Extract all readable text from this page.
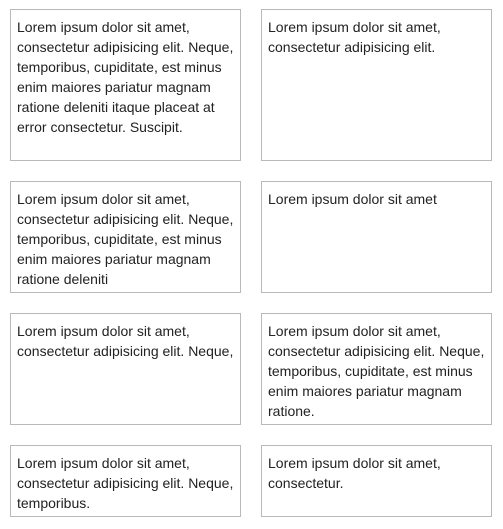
Lorem ipsum dolor sit amet, consectetur adipisicing elit. Neque, temporibus, cupiditate, est minus enim maiores pariatur magnam ratione deleniti itaque placeat at error consectetur. Suscipit.
Lorem ipsum dolor sit amet, consectetur adipisicing elit.
Lorem ipsum dolor sit amet, consectetur adipisicing elit. Neque, temporibus, cupiditate, est minus enim maiores pariatur magnam ratione deleniti
Lorem ipsum dolor sit amet
Lorem ipsum dolor sit amet, consectetur adipisicing elit. Neque,
Lorem ipsum dolor sit amet, consectetur adipisicing elit. Neque, temporibus, cupiditate, est minus enim maiores pariatur magnam ratione.
Lorem ipsum dolor sit amet, consectetur adipisicing elit. Neque, temporibus.
Lorem ipsum dolor sit amet, consectetur.
